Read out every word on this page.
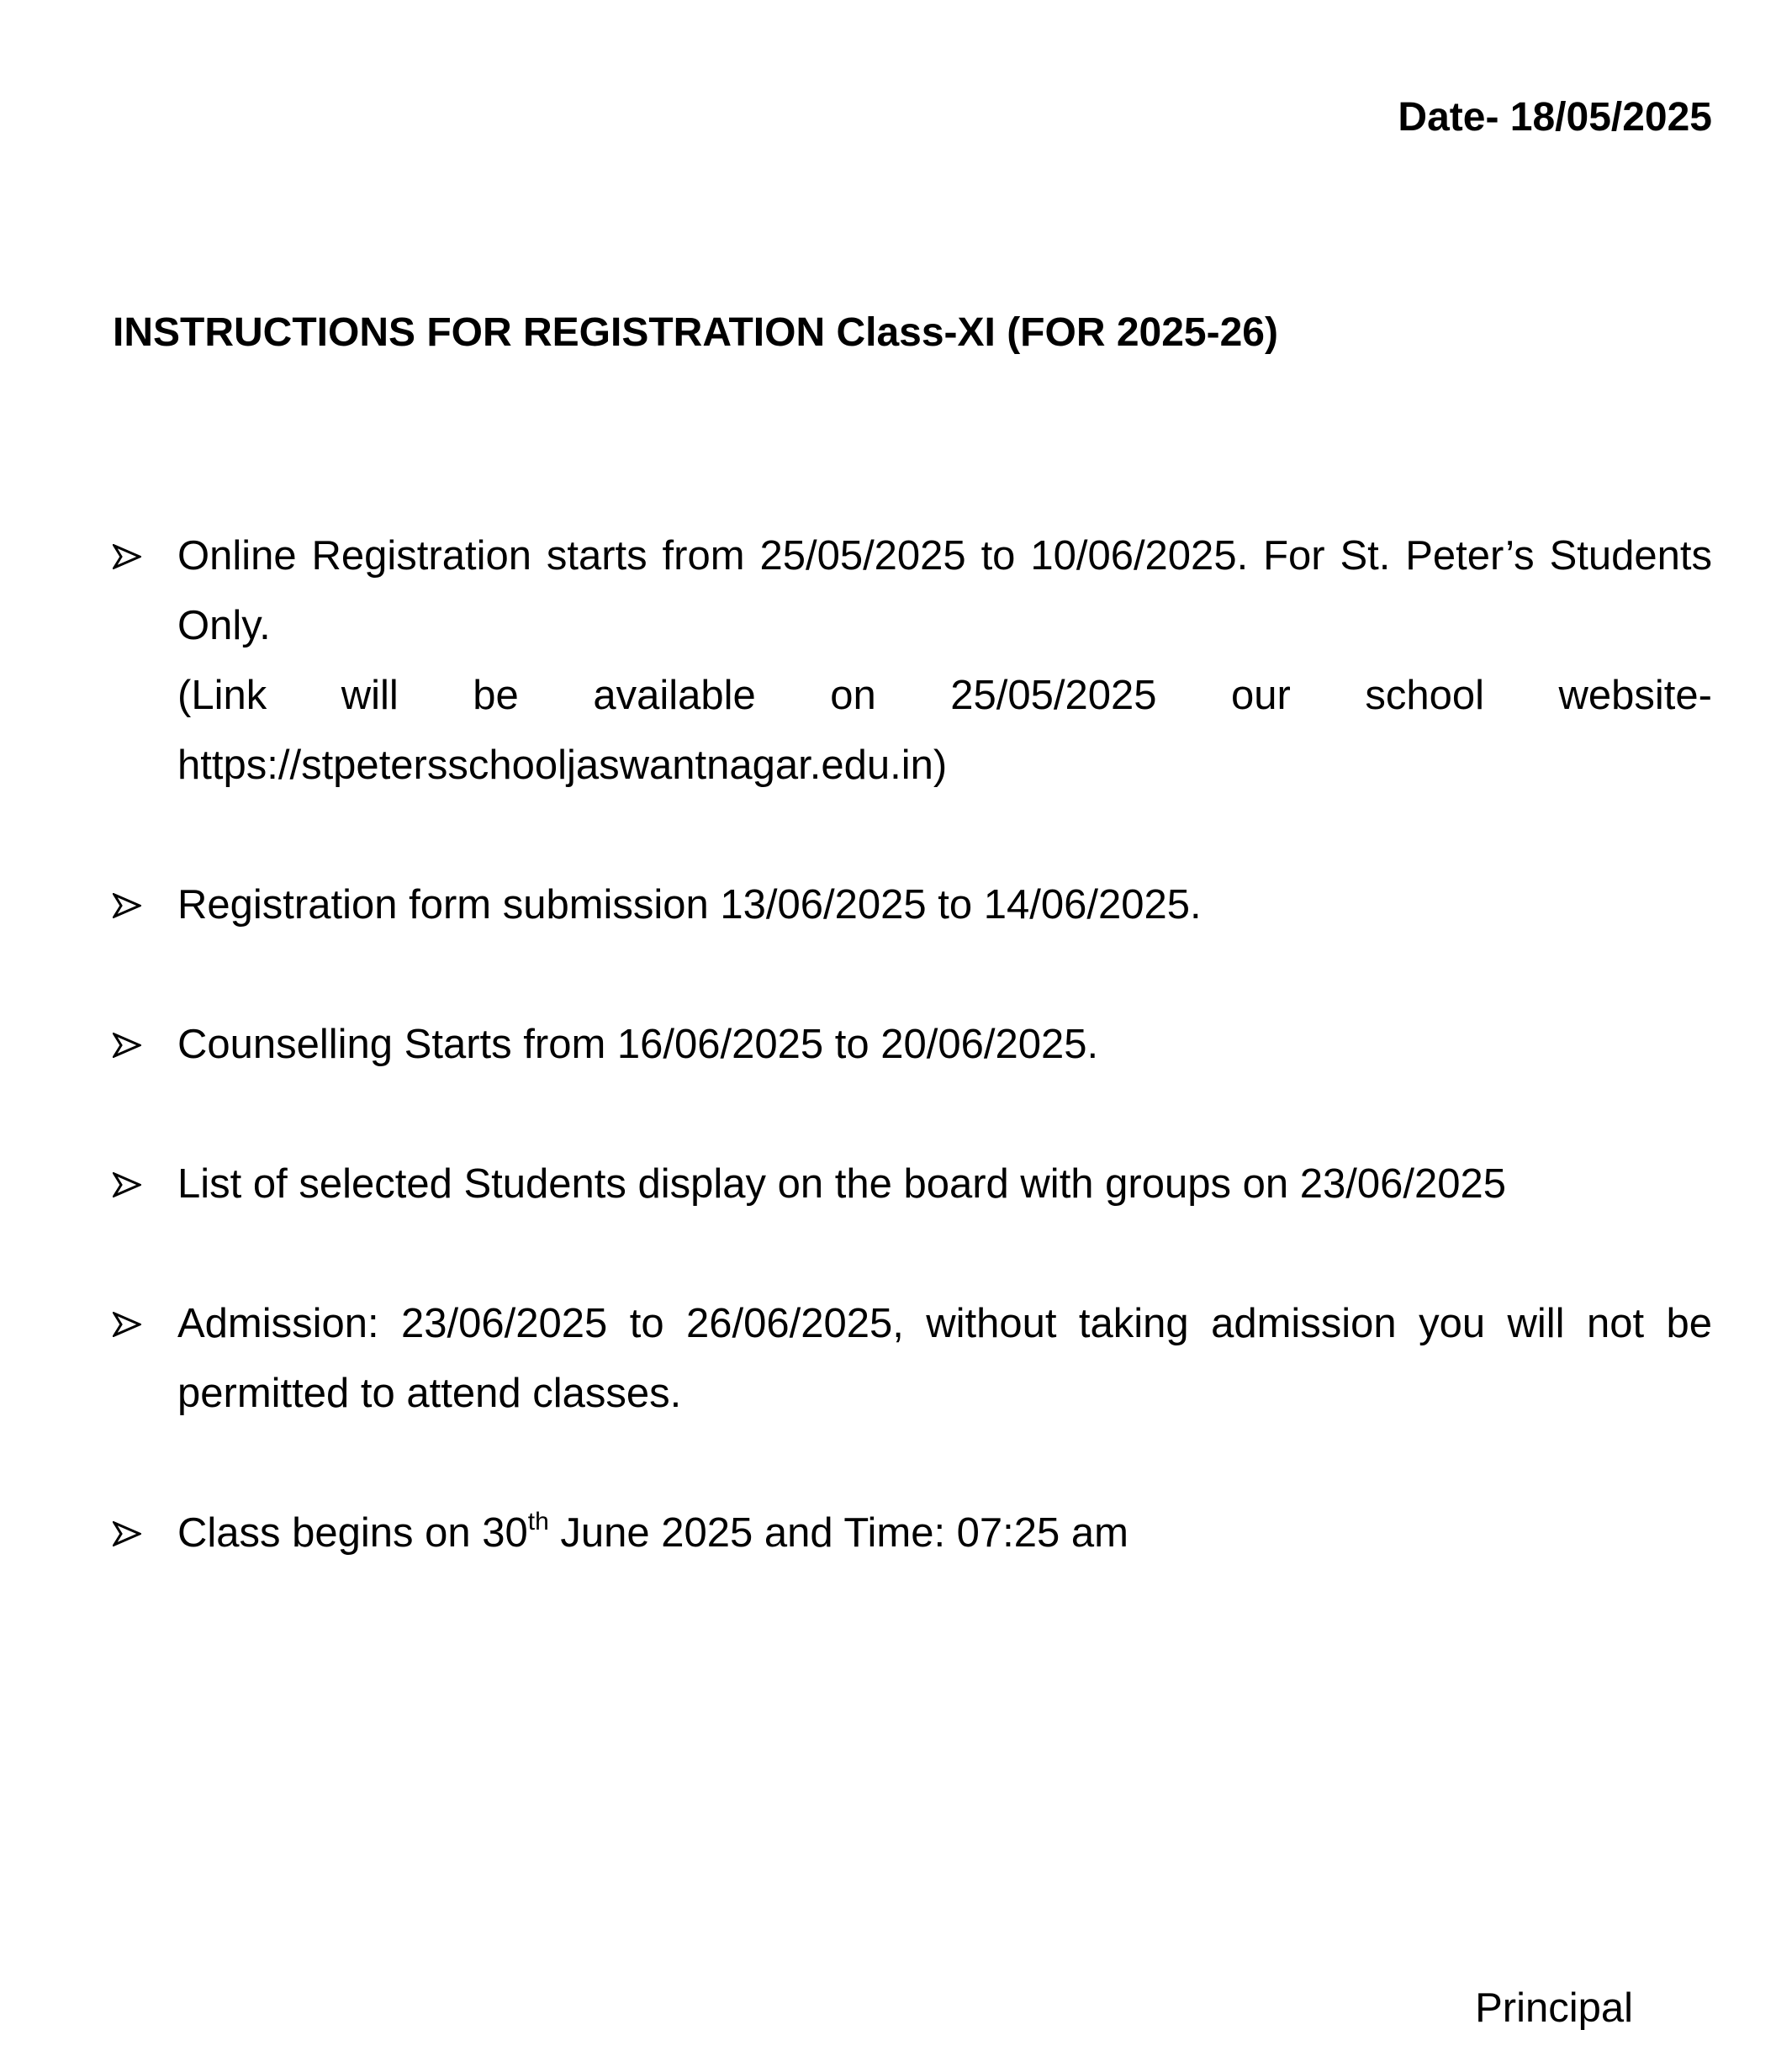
Date- 18/05/2025
INSTRUCTIONS FOR REGISTRATION Class-XI (FOR 2025-26)
Online Registration starts from 25/05/2025 to 10/06/2025. For St. Peter’s Students Only.
(Link will be available on 25/05/2025 our school website-
https://stpetersschooljaswantnagar.edu.in)
Registration form submission 13/06/2025 to 14/06/2025.
Counselling Starts from 16/06/2025 to 20/06/2025.
List of selected Students display on the board with groups on 23/06/2025
Admission: 23/06/2025 to 26/06/2025, without taking admission you will not be permitted to attend classes.
Class begins on 30th June 2025 and Time: 07:25 am
Principal
